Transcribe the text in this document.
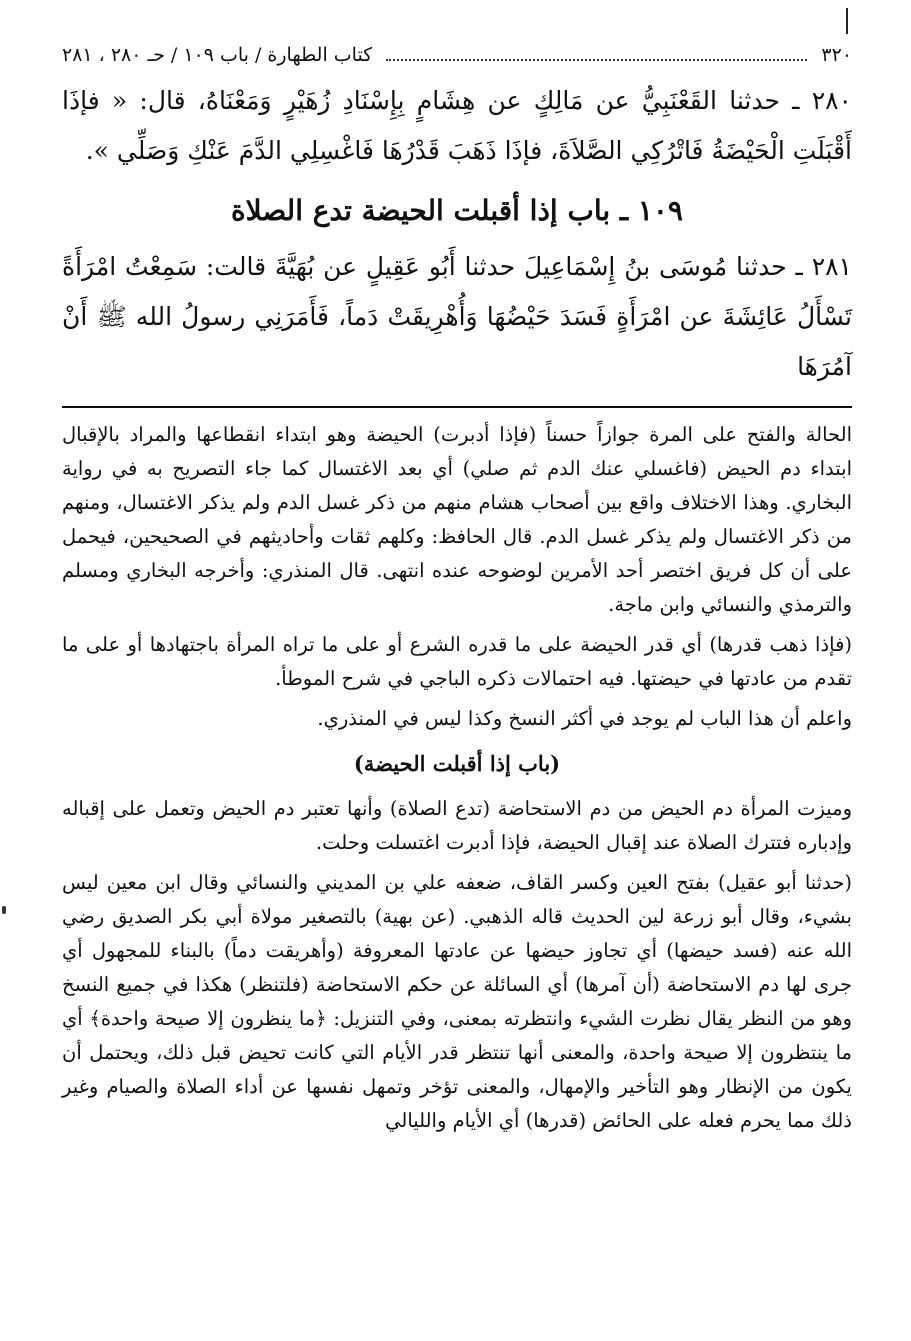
٣٢٠
كتاب الطهارة / باب ١٠٩ / حـ ٢٨٠ ، ٢٨١

٢٨٠ ـ حدثنا القَعْنَبِيُّ عن مَالِكٍ عن هِشَامٍ بِإِسْنَادِ زُهَيْرٍ وَمَعْنَاهُ، قال: « فإذَا أَقْبَلَتِ الْحَيْضَةُ فَاتْرُكِي الصَّلاَةَ، فإذَا ذَهَبَ قَدْرُهَا فَاغْسِلِي الدَّمَ عَنْكِ وَصَلِّي ».

١٠٩ ـ باب إذا أقبلت الحيضة تدع الصلاة

٢٨١ ـ حدثنا مُوسَى بنُ إِسْمَاعِيلَ حدثنا أَبُو عَقِيلٍ عن بُهَيَّةَ قالت: سَمِعْتُ امْرَأَةً تَسْأَلُ عَائِشَةَ عن امْرَأَةٍ فَسَدَ حَيْضُهَا وَأُهْرِيقَتْ دَماً، فَأَمَرَنِي رسولُ الله ﷺ أَنْ آمُرَهَا

الحالة والفتح على المرة جوازاً حسناً (فإذا أدبرت) الحيضة وهو ابتداء انقطاعها والمراد بالإقبال ابتداء دم الحيض (فاغسلي عنك الدم ثم صلي) أي بعد الاغتسال كما جاء التصريح به في رواية البخاري. وهذا الاختلاف واقع بين أصحاب هشام منهم من ذكر غسل الدم ولم يذكر الاغتسال، ومنهم من ذكر الاغتسال ولم يذكر غسل الدم. قال الحافظ: وكلهم ثقات وأحاديثهم في الصحيحين، فيحمل على أن كل فريق اختصر أحد الأمرين لوضوحه عنده انتهى. قال المنذري: وأخرجه البخاري ومسلم والترمذي والنسائي وابن ماجة.

(فإذا ذهب قدرها) أي قدر الحيضة على ما قدره الشرع أو على ما تراه المرأة باجتهادها أو على ما تقدم من عادتها في حيضتها. فيه احتمالات ذكره الباجي في شرح الموطأ.

واعلم أن هذا الباب لم يوجد في أكثر النسخ وكذا ليس في المنذري.

(باب إذا أقبلت الحيضة)

وميزت المرأة دم الحيض من دم الاستحاضة (تدع الصلاة) وأنها تعتبر دم الحيض وتعمل على إقباله وإدباره فتترك الصلاة عند إقبال الحيضة، فإذا أدبرت اغتسلت وحلت.

(حدثنا أبو عقيل) بفتح العين وكسر القاف، ضعفه علي بن المديني والنسائي وقال ابن معين ليس بشيء، وقال أبو زرعة لين الحديث قاله الذهبي. (عن بهية) بالتصغير مولاة أبي بكر الصديق رضي الله عنه (فسد حيضها) أي تجاوز حيضها عن عادتها المعروفة (وأهريقت دماً) بالبناء للمجهول أي جرى لها دم الاستحاضة (أن آمرها) أي السائلة عن حكم الاستحاضة (فلتنظر) هكذا في جميع النسخ وهو من النظر يقال نظرت الشيء وانتظرته بمعنى، وفي التنزيل: ﴿ما ينظرون إلا صيحة واحدة﴾ أي ما ينتظرون إلا صيحة واحدة، والمعنى أنها تنتظر قدر الأيام التي كانت تحيض قبل ذلك، ويحتمل أن يكون من الإنظار وهو التأخير والإمهال، والمعنى تؤخر وتمهل نفسها عن أداء الصلاة والصيام وغير ذلك مما يحرم فعله على الحائض (قدرها) أي الأيام والليالي
